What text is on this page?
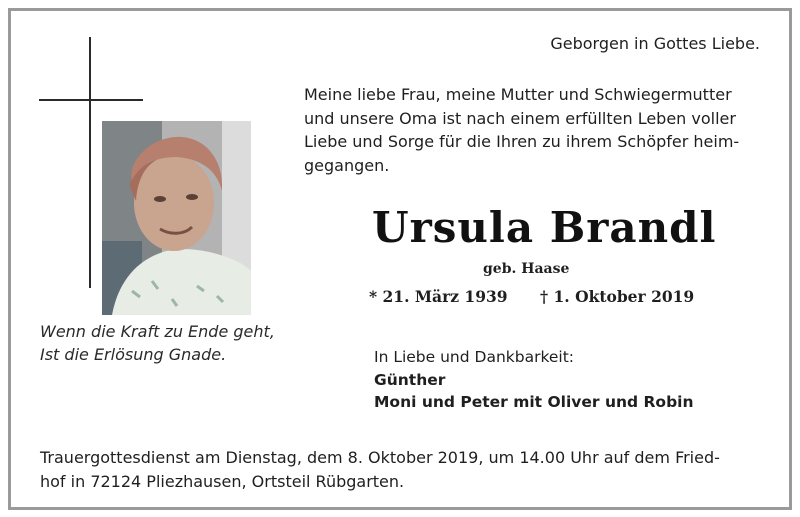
Wenn die Kraft zu Ende geht,
Ist die Erlösung Gnade.
Geborgen in Gottes Liebe.
Meine liebe Frau, meine Mutter und Schwiegermutter
und unsere Oma ist nach einem erfüllten Leben voller
Liebe und Sorge für die Ihren zu ihrem Schöpfer heim-
gegangen.
Ursula Brandl
geb. Haase
* 21. März 1939 † 1. Oktober 2019
In Liebe und Dankbarkeit:
Günther
Moni und Peter mit Oliver und Robin
Trauergottesdienst am Dienstag, dem 8. Oktober 2019, um 14.00 Uhr auf dem Fried-
hof in 72124 Pliezhausen, Ortsteil Rübgarten.
